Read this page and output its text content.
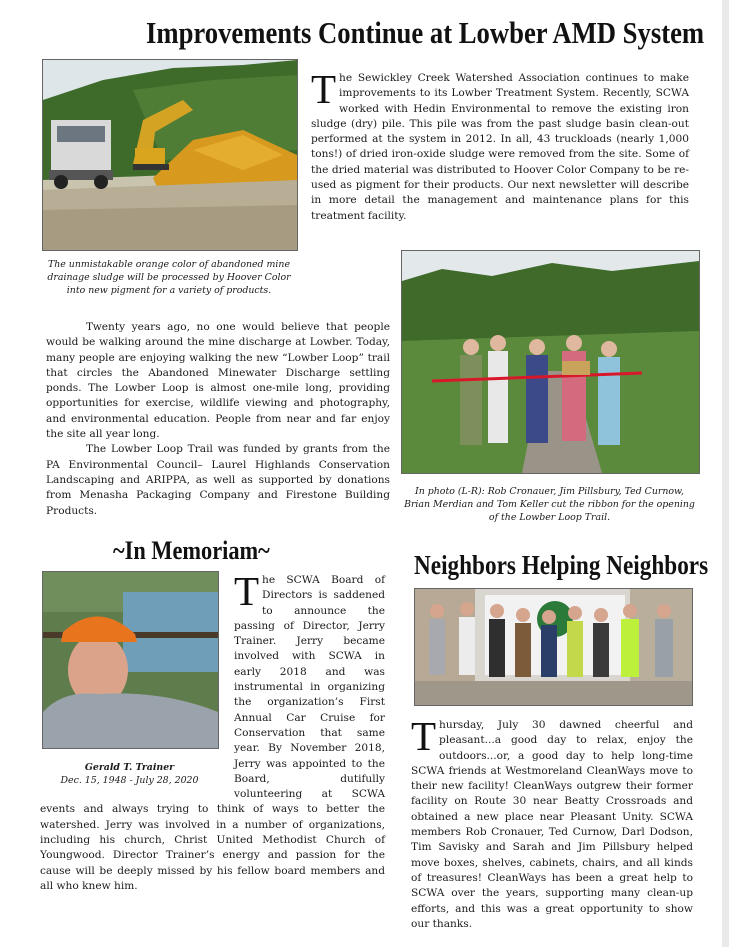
Improvements Continue at Lowber AMD System

The Sewickley Creek Watershed Association continues to make improvements to its Lowber Treatment System. Recently, SCWA worked with Hedin Environmental to remove the existing iron sludge (dry) pile. This pile was from the past sludge basin clean-out performed at the system in 2012. In all, 43 truckloads (nearly 1,000 tons!) of dried iron-oxide sludge were removed from the site. Some of the dried material was distributed to Hoover Color Company to be re-used as pigment for their products. Our next newsletter will describe in more detail the management and maintenance plans for this treatment facility.

The unmistakable orange color of abandoned mine drainage sludge will be processed by Hoover Color into new pigment for a variety of products.

Twenty years ago, no one would believe that people would be walking around the mine discharge at Lowber. Today, many people are enjoying walking the new “Lowber Loop” trail that circles the Abandoned Minewater Discharge settling ponds. The Lowber Loop is almost one-mile long, providing opportunities for exercise, wildlife viewing and photography, and environmental education. People from near and far enjoy the site all year long.
The Lowber Loop Trail was funded by grants from the PA Environmental Council– Laurel Highlands Conservation Landscaping and ARIPPA, as well as supported by donations from Menasha Packaging Company and Firestone Building Products.

In photo (L-R): Rob Cronauer, Jim Pillsbury, Ted Curnow, Brian Merdian and Tom Keller cut the ribbon for the opening of the Lowber Loop Trail.

~In Memoriam~

Gerald T. Trainer
Dec. 15, 1948 - July 28, 2020

The SCWA Board of Directors is saddened to announce the passing of Director, Jerry Trainer. Jerry became involved with SCWA in early 2018 and was instrumental in organizing the organization’s First Annual Car Cruise for Conservation that same year. By November 2018, Jerry was appointed to the Board, dutifully volunteering at SCWA events and always trying to think of ways to better the watershed. Jerry was involved in a number of organizations, including his church, Christ United Methodist Church of Youngwood. Director Trainer’s energy and passion for the cause will be deeply missed by his fellow board members and all who knew him.
Neighbors Helping Neighbors

Thursday, July 30 dawned cheerful and pleasant...a good day to relax, enjoy the outdoors...or, a good day to help long-time SCWA friends at Westmoreland CleanWays move to their new facility! CleanWays outgrew their former facility on Route 30 near Beatty Crossroads and obtained a new place near Pleasant Unity. SCWA members Rob Cronauer, Ted Curnow, Darl Dodson, Tim Savisky and Sarah and Jim Pillsbury helped move boxes, shelves, cabinets, chairs, and all kinds of treasures! CleanWays has been a great help to SCWA over the years, supporting many clean-up efforts, and this was a great opportunity to show our thanks.
